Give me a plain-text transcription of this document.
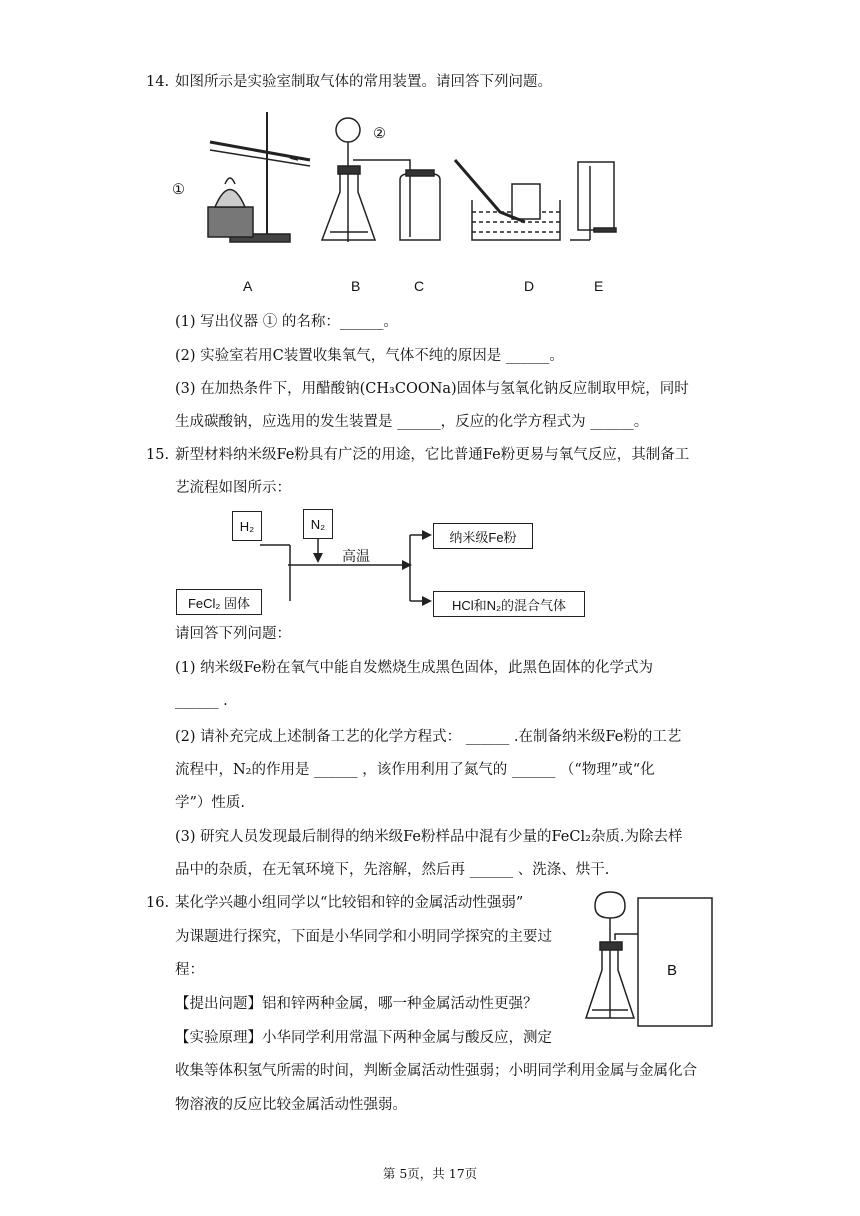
14. 如图所示是实验室制取气体的常用装置。请回答下列问题。
①
②
A	B	C	D	E
(1) 写出仪器 ① 的名称：______。
(2) 实验室若用C装置收集氧气，气体不纯的原因是 ______。
(3) 在加热条件下，用醋酸钠(CH₃COONa)固体与氢氧化钠反应制取甲烷，同时
生成碳酸钠，应选用的发生装置是 ______，反应的化学方程式为 ______。
15. 新型材料纳米级Fe粉具有广泛的用途，它比普通Fe粉更易与氧气反应，其制备工
艺流程如图所示：
H₂	N₂
FeCl₂ 固体
高温
纳米级Fe粉
HCl和N₂的混合气体
请回答下列问题：
(1) 纳米级Fe粉在氧气中能自发燃烧生成黑色固体，此黑色固体的化学式为
______ .
(2) 请补充完成上述制备工艺的化学方程式： ______ .在制备纳米级Fe粉的工艺
流程中，N₂的作用是 ______ ，该作用利用了氮气的 ______ （“物理”或“化
学”）性质.
(3) 研究人员发现最后制得的纳米级Fe粉样品中混有少量的FeCl₂杂质.为除去样
品中的杂质，在无氧环境下，先溶解，然后再 ______ 、洗涤、烘干.
16. 某化学兴趣小组同学以“比较铝和锌的金属活动性强弱”
为课题进行探究，下面是小华同学和小明同学探究的主要过
程：
【提出问题】铝和锌两种金属，哪一种金属活动性更强？
【实验原理】小华同学利用常温下两种金属与酸反应，测定
收集等体积氢气所需的时间，判断金属活动性强弱；小明同学利用金属与金属化合
物溶液的反应比较金属活动性强弱。
B
第 5页，共 17页
